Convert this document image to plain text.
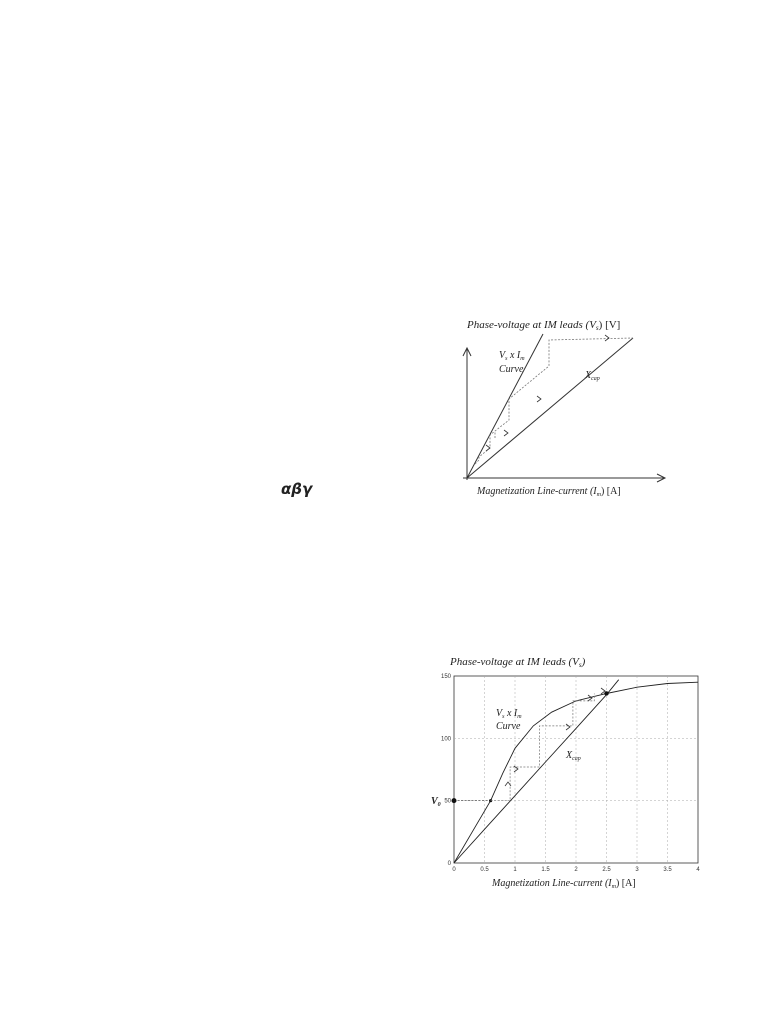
αβγ
Phase-voltage at IM leads (Vs) [V]
$V_s$ x $I_m$
Curve
$X_{cap}$
Magnetization Line-current $(I_m)$ [A]
Phase-voltage at IM leads (Vs)
0	0.5	1	1.5	2	2.5	3	3.5	4
0
50
100
150
$V_s$ x $I_m$
Curve
$X_{cap}$
$V_0$
Magnetization Line-current $(I_m)$ [A]
